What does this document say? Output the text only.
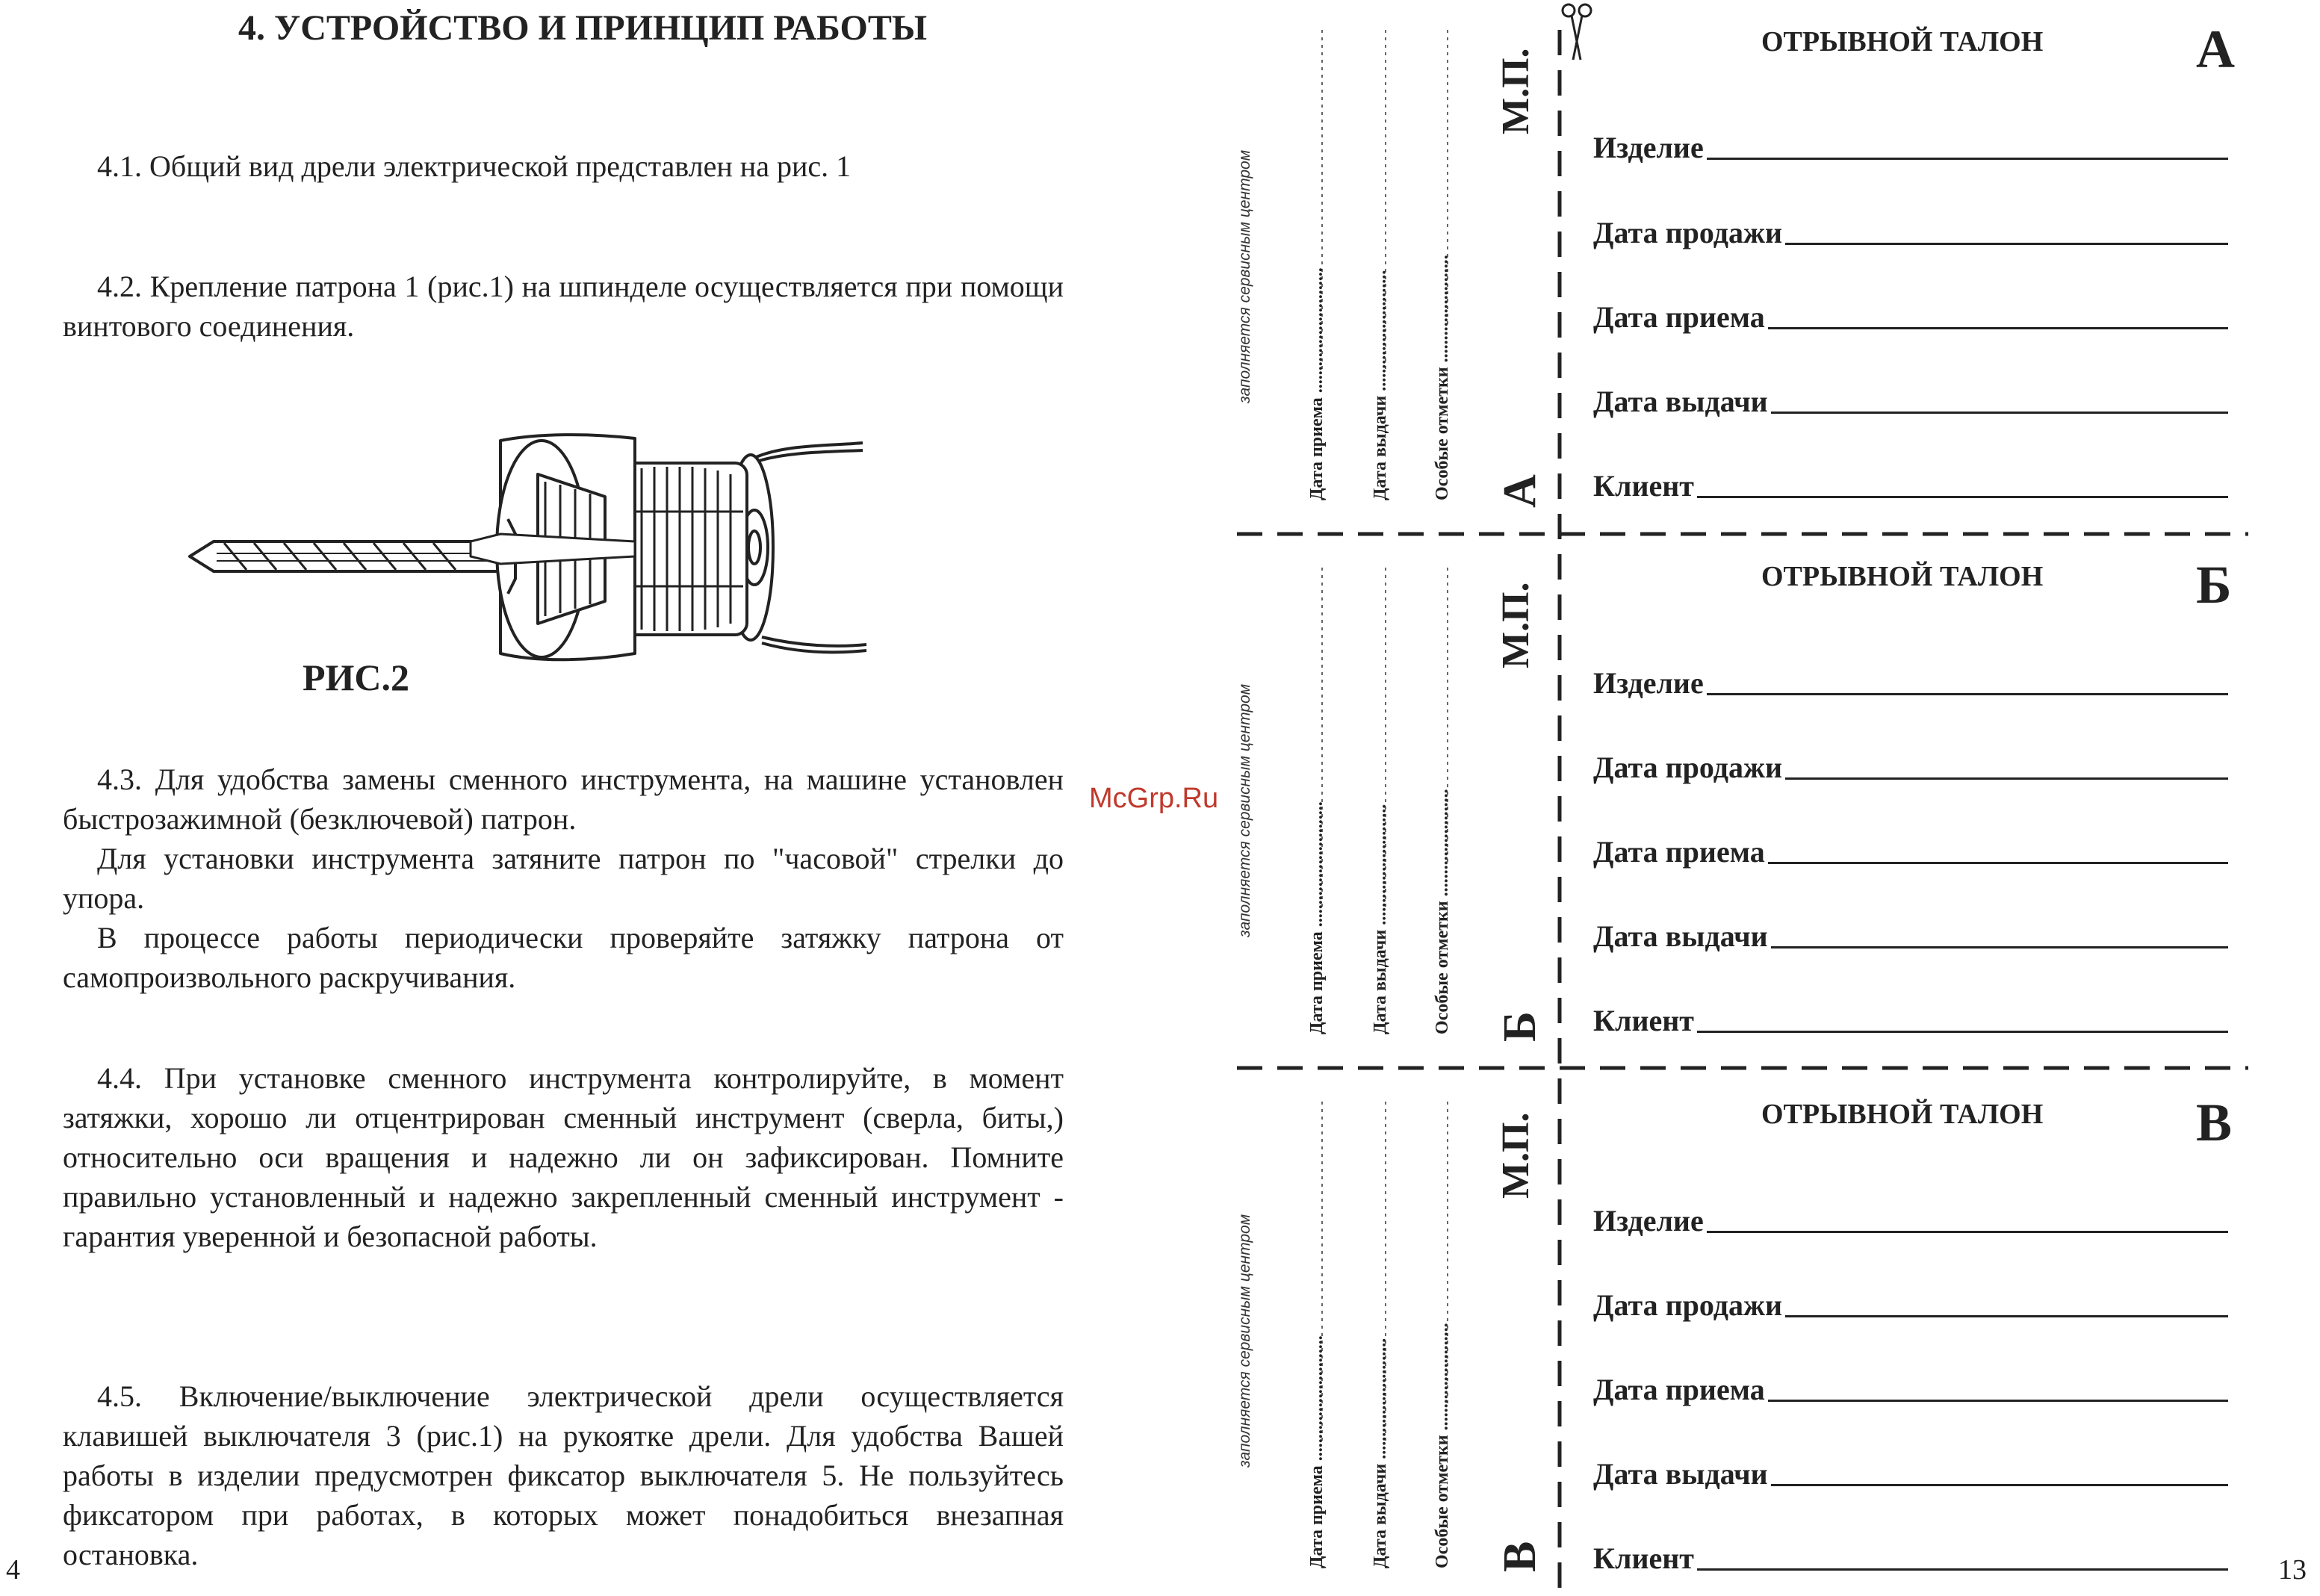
4. УСТРОЙСТВО И ПРИНЦИП РАБОТЫ

4.1. Общий вид дрели электрической представлен на рис. 1

4.2. Крепление патрона 1 (рис.1) на шпинделе осуществляется при помощи винтового соединения.

РИС.2

4.3. Для удобства замены сменного инструмента, на машине установлен быстрозажимной (безключевой) патрон.

Для установки инструмента затяните патрон по "часовой" стрелки до упора.

В процессе работы периодически проверяйте затяжку патрона от самопроизвольного раскручивания.

McGrp.Ru

4.4. При установке сменного инструмента контролируйте, в момент затяжки, хорошо ли отцентрирован сменный инструмент (сверла, биты,) относительно оси вращения и надежно ли он зафиксирован. Помните правильно установленный и надежно закрепленный сменный инструмент - гарантия уверенной и безопасной работы.

4.5. Включение/выключение электрической дрели осуществляется клавишей выключателя 3 (рис.1) на рукоятке дрели. Для удобства Вашей работы в изделии предусмотрен фиксатор выключателя 5. Не пользуйтесь фиксатором при работах, в которых может понадобиться внезапная остановка.

4
заполняется сервисным центром	Дата приема ............................ Дата выдачи ........................... Особые отметки ........................
М.П.
А
заполняется сервисным центром	Дата приема ............................ Дата выдачи ........................... Особые отметки ........................
М.П.
Б
заполняется сервисным центром	Дата приема ............................ Дата выдачи ........................... Особые отметки ........................
М.П.
В
ОТРЫВНОЙ ТАЛОН	А
Изделие
Дата продажи
Дата приема
Дата выдачи
Клиент
ОТРЫВНОЙ ТАЛОН	Б
Изделие
Дата продажи
Дата приема
Дата выдачи
Клиент
ОТРЫВНОЙ ТАЛОН	В
Изделие
Дата продажи
Дата приема
Дата выдачи
Клиент	13
